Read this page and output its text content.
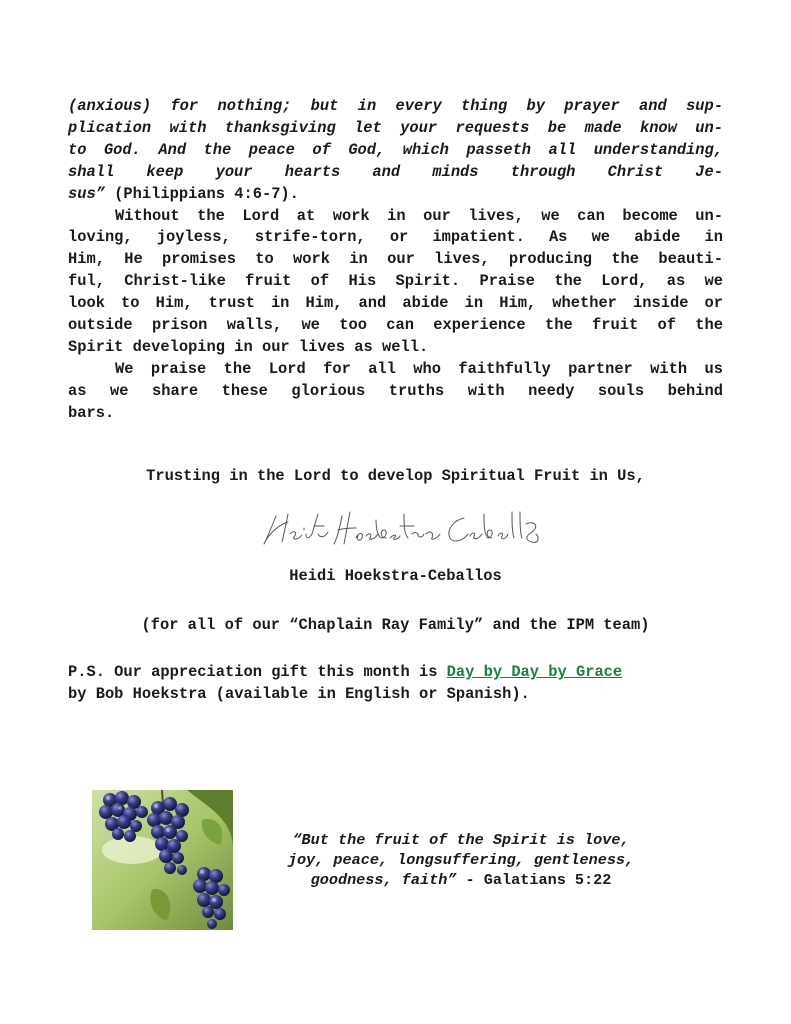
(anxious) for nothing; but in every thing by prayer and sup-
plication with thanksgiving let your requests be made know un-
to God. And the peace of God, which passeth all understanding,
shall keep your hearts and minds through Christ Je-
sus” (Philippians 4:6-7).
Without the Lord at work in our lives, we can become un-
loving, joyless, strife-torn, or impatient. As we abide in
Him, He promises to work in our lives, producing the beauti-
ful, Christ-like fruit of His Spirit. Praise the Lord, as we
look to Him, trust in Him, and abide in Him, whether inside or
outside prison walls, we too can experience the fruit of the
Spirit developing in our lives as well.
We praise the Lord for all who faithfully partner with us
as we share these glorious truths with needy souls behind
bars.
Trusting in the Lord to develop Spiritual Fruit in Us,
Heidi Hoekstra-Ceballos
(for all of our “Chaplain Ray Family” and the IPM team)
P.S. Our appreciation gift this month is Day by Day by Grace
by Bob Hoekstra (available in English or Spanish).
“But the fruit of the Spirit is love,
joy, peace, longsuffering, gentleness,
goodness, faith” - Galatians 5:22
